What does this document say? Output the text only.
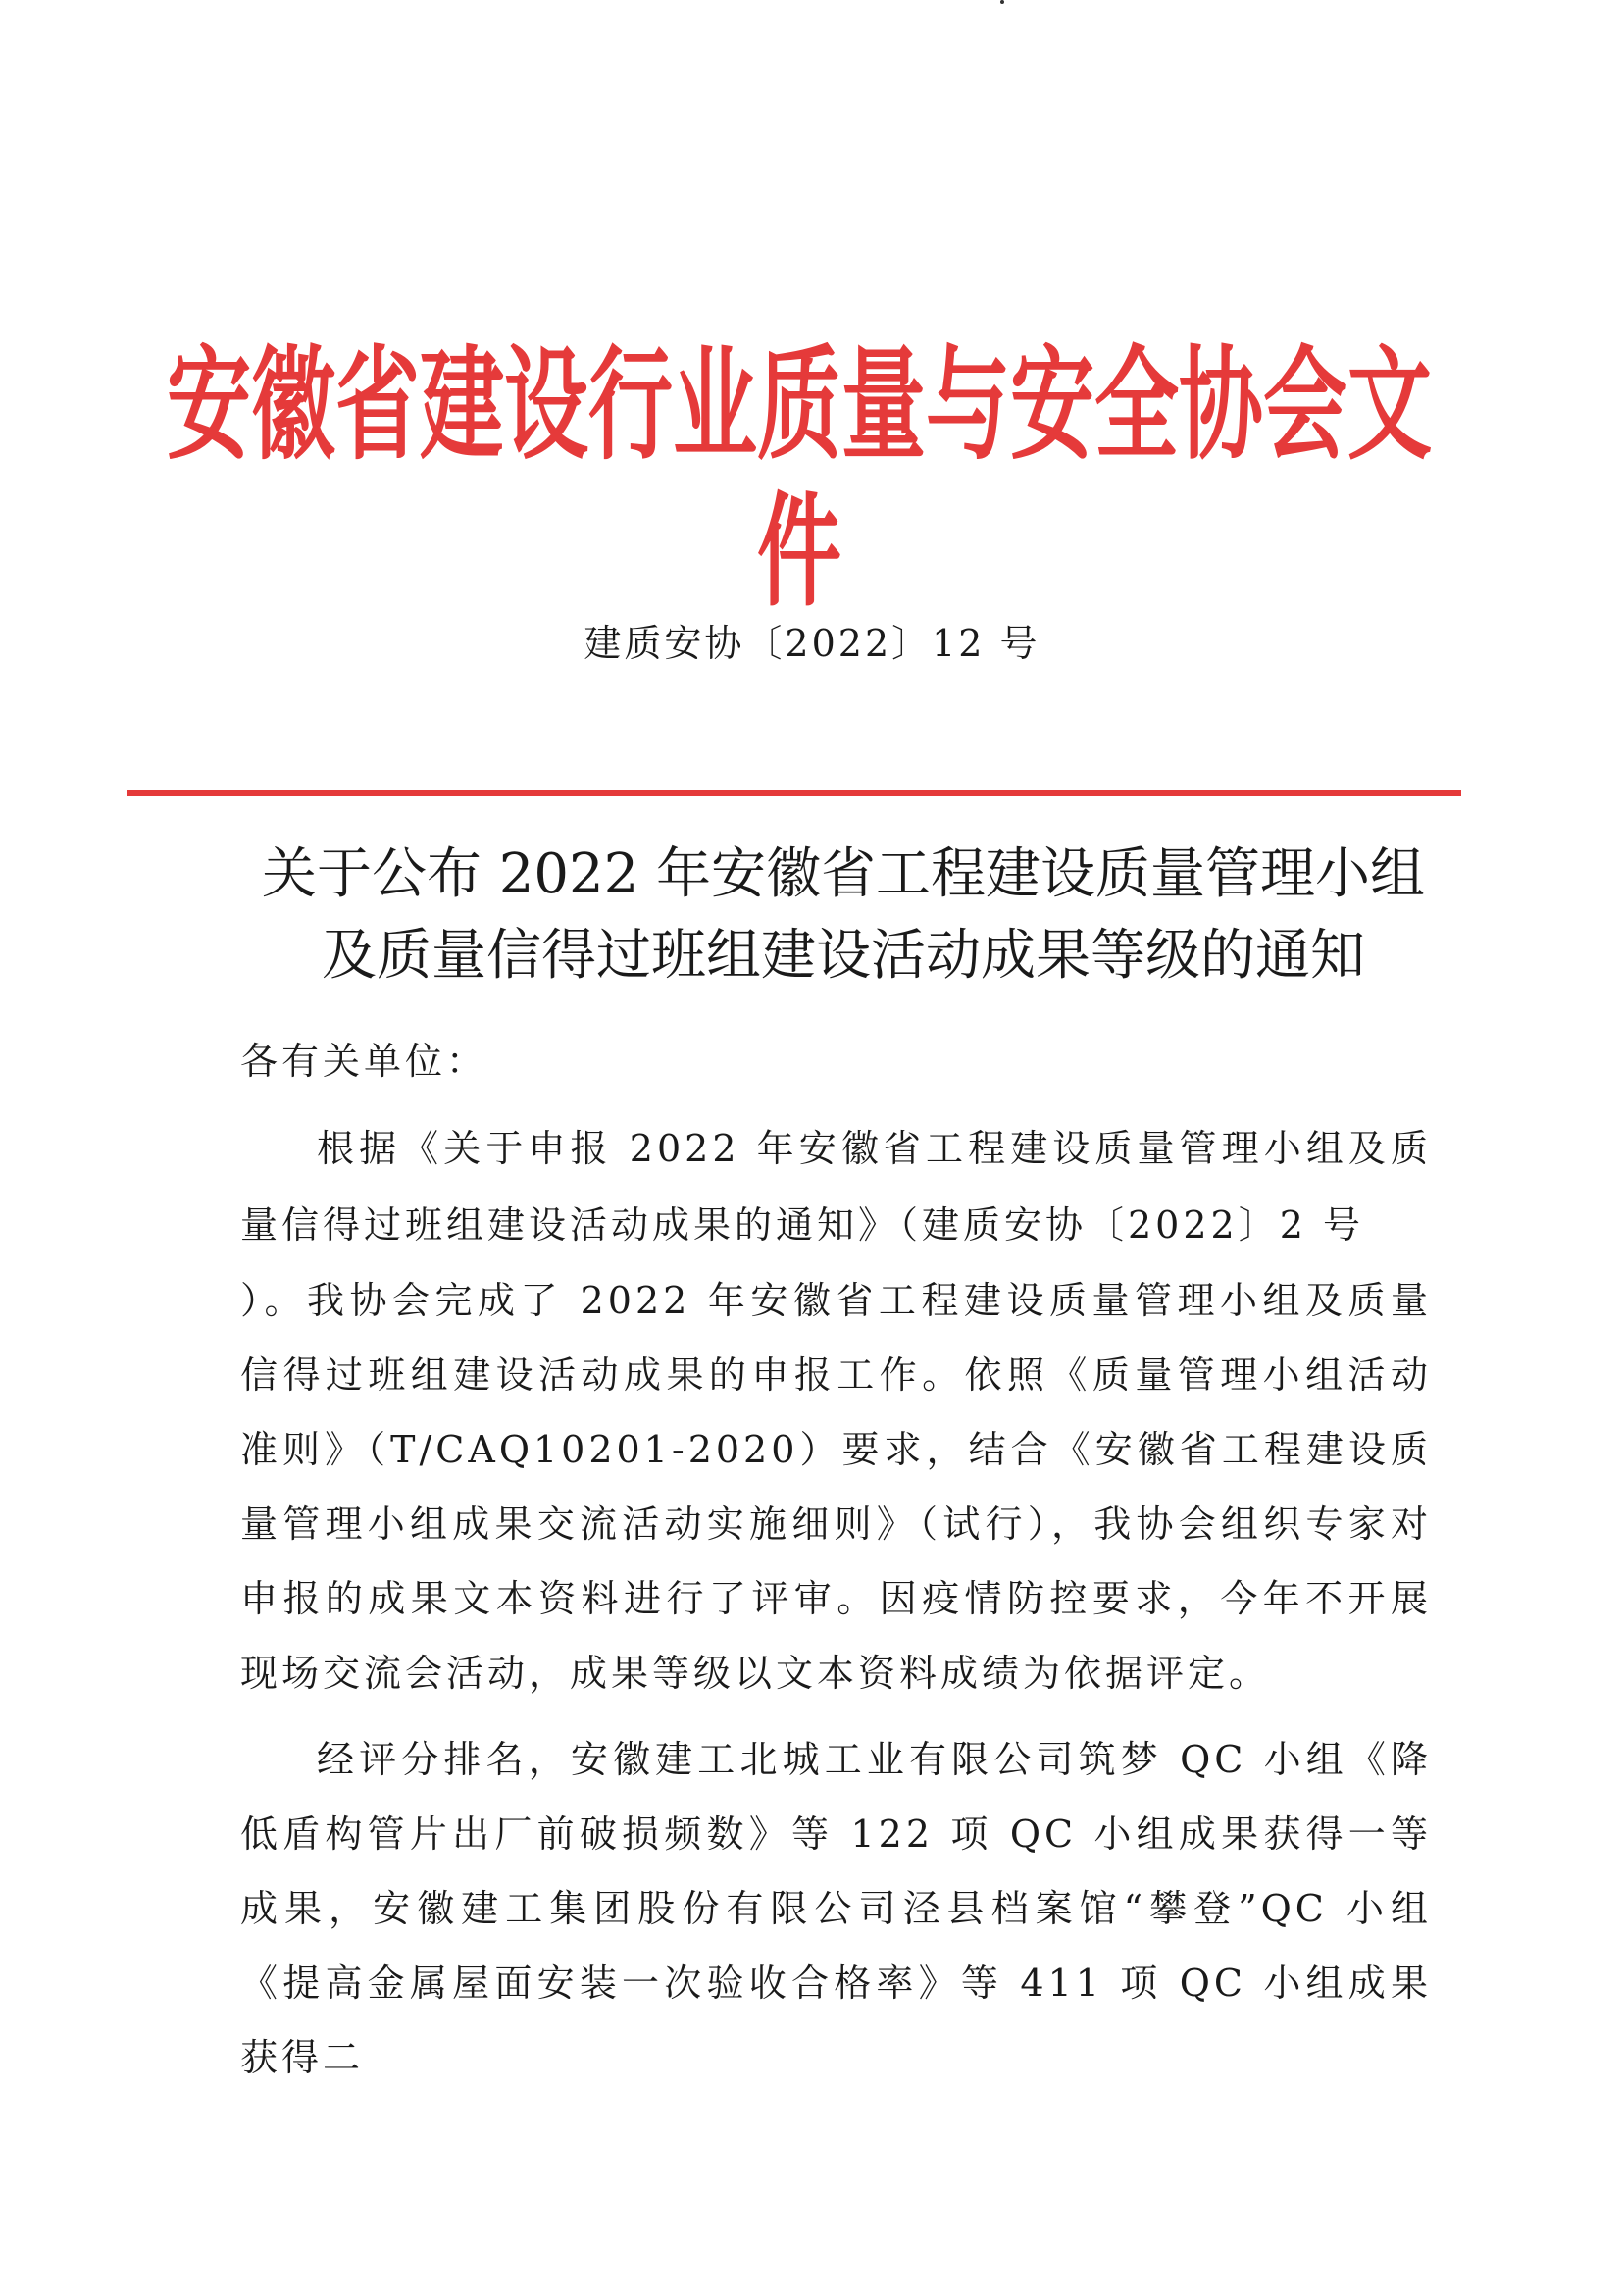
安徽省建设行业质量与安全协会文件
建质安协〔2022〕12 号
关于公布 2022 年安徽省工程建设质量管理小组
及质量信得过班组建设活动成果等级的通知
各有关单位：

根据《关于申报 2022 年安徽省工程建设质量管理小组及质量信得过班组建设活动成果的通知》（建质安协〔2022〕2 号

）。我协会完成了 2022 年安徽省工程建设质量管理小组及质量信得过班组建设活动成果的申报工作。依照《质量管理小组活动准则》（T/CAQ10201-2020）要求，结合《安徽省工程建设质量管理小组成果交流活动实施细则》（试行），我协会组织专家对申报的成果文本资料进行了评审。因疫情防控要求，今年不开展现场交流会活动，成果等级以文本资料成绩为依据评定。

经评分排名，安徽建工北城工业有限公司筑梦 QC 小组《降低盾构管片出厂前破损频数》等 122 项 QC 小组成果获得一等成果，安徽建工集团股份有限公司泾县档案馆“攀登”QC 小组《提高金属屋面安装一次验收合格率》等 411 项 QC 小组成果获得二
